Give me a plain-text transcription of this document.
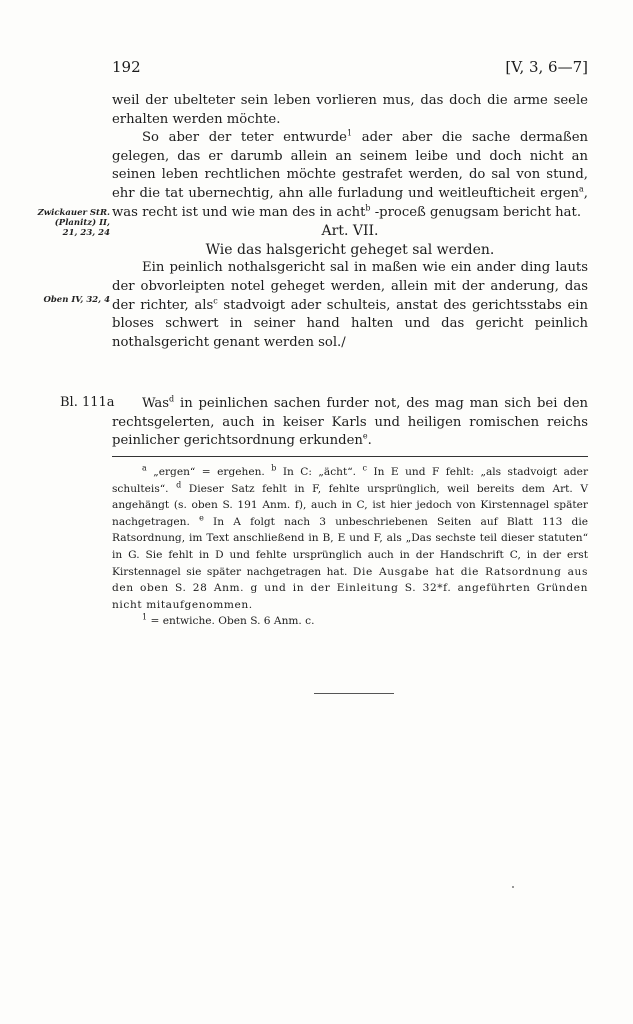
192	[V, 3, 6—7]
Zwickauer StR.
(Planitz) II,
21, 23, 24
Oben IV, 32, 4
Bl. 111a

weil der ubelteter sein leben vorlieren mus, das doch die arme seele erhalten werden möchte.

So aber der teter entwurde$^1$ ader aber die sache dermaßen gelegen, das er darumb allein an seinem leibe und doch nicht an seinen leben rechtlichen möchte gestrafet werden, do sal von stund, ehr die tat ubernechtig, ahn alle furladung und weitleufticheit ergen$^a$, was recht ist und wie man des in acht$^b$ -proceß genugsam bericht hat.

Art. VII.

Wie das halsgericht geheget sal werden.

Ein peinlich nothalsgericht sal in maßen wie ein ander ding lauts der obvorleipten notel geheget werden, allein mit der anderung, das der richter, als$^c$ stadvoigt ader schulteis, anstat des gerichtsstabs ein bloses schwert in seiner hand halten und das gericht peinlich nothalsgericht genant werden sol./

Was$^d$ in peinlichen sachen furder not, des mag man sich bei den rechtsgelerten, auch in keiser Karls und heiligen romischen reichs peinlicher gerichtsordnung erkunden$^e$.

$^a$ „ergen“ = ergehen. $^b$ In C: „ächt“. $^c$ In E und F fehlt: „als stadvoigt ader schulteis“. $^d$ Dieser Satz fehlt in F, fehlte ursprünglich, weil bereits dem Art. V angehängt (s. oben S. 191 Anm. f), auch in C, ist hier jedoch von Kirstennagel später nachgetragen. $^e$ In A folgt nach 3 unbeschriebenen Seiten auf Blatt 113 die Ratsordnung, im Text anschließend in B, E und F, als „Das sechste teil dieser statuten“ in G. Sie fehlt in D und fehlte ursprünglich auch in der Handschrift C, in der erst Kirstennagel sie später nachgetragen hat. Die Ausgabe hat die Ratsordnung aus den oben S. 28 Anm. g und in der Einleitung S. 32*f. angeführten Gründen nicht mitaufgenommen.

$^1$ = entwiche. Oben S. 6 Anm. c.
